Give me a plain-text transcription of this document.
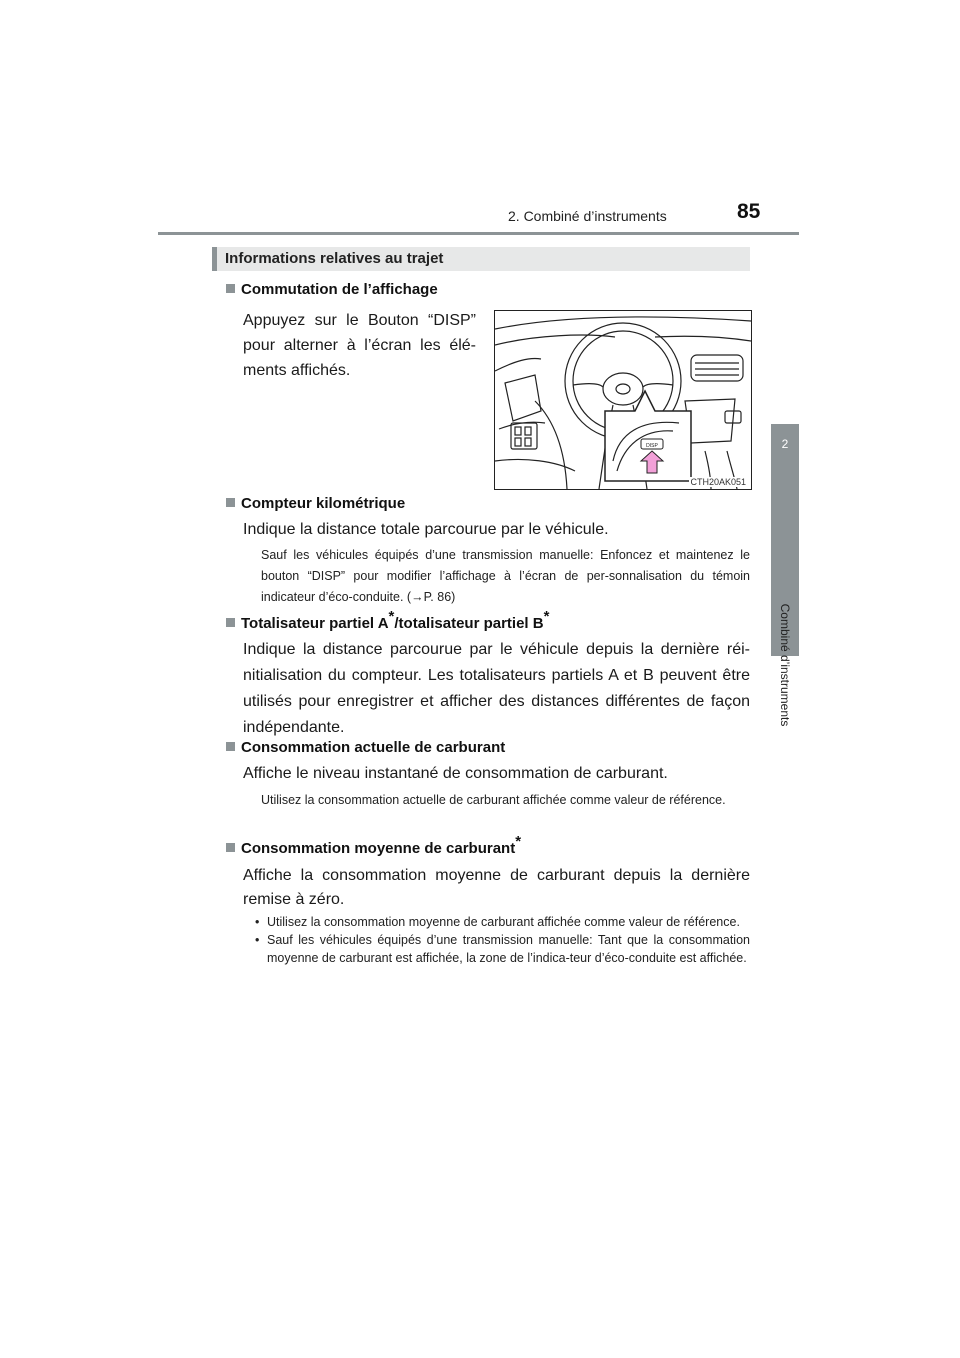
2. Combiné d’instruments	85
2
Combiné d’instruments
Informations relatives au trajet
Commutation de l’affichage
Appuyez sur le Bouton “DISP” pour alterner à l’écran les élé-ments affichés.
DISP
CTH20AK051
Compteur kilométrique
Indique la distance totale parcourue par le véhicule.
Sauf les véhicules équipés d’une transmission manuelle: Enfoncez et maintenez le bouton “DISP” pour modifier l’affichage à l’écran de per-sonnalisation du témoin indicateur d’éco-conduite. (→P. 86)
Totalisateur partiel A*/totalisateur partiel B*
Indique la distance parcourue par le véhicule depuis la dernière réi-nitialisation du compteur. Les totalisateurs partiels A et B peuvent être utilisés pour enregistrer et afficher des distances différentes de façon indépendante.
Consommation actuelle de carburant
Affiche le niveau instantané de consommation de carburant.
Utilisez la consommation actuelle de carburant affichée comme valeur de référence.
Consommation moyenne de carburant*
Affiche la consommation moyenne de carburant depuis la dernière remise à zéro.
• Utilisez la consommation moyenne de carburant affichée comme valeur de référence.
• Sauf les véhicules équipés d’une transmission manuelle: Tant que la consommation moyenne de carburant est affichée, la zone de l’indica-teur d’éco-conduite est affichée.
